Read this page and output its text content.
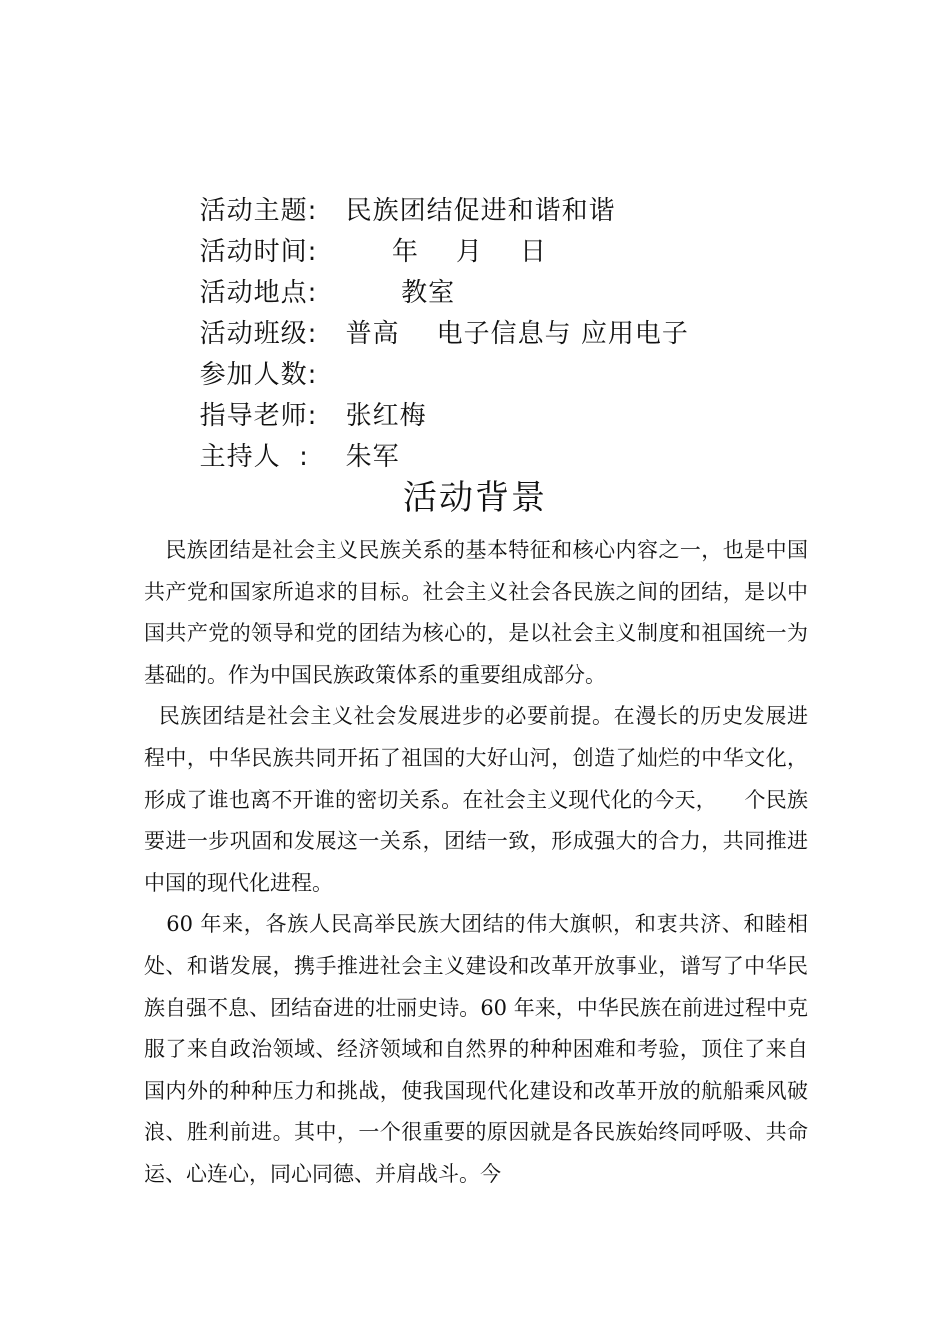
活动主题: 民族团结促进和谐和谐

活动时间:     年    月    日

活动地点:      教室

活动班级: 普高    电子信息与 应用电子

参加人数:

指导老师: 张红梅

主持人  : 朱军

活动背景

民族团结是社会主义民族关系的基本特征和核心内容之一，也是中国共产党和国家所追求的目标。社会主义社会各民族之间的团结，是以中国共产党的领导和党的团结为核心的，是以社会主义制度和祖国统一为基础的。作为中国民族政策体系的重要组成部分。

民族团结是社会主义社会发展进步的必要前提。在漫长的历史发展进程中，中华民族共同开拓了祖国的大好山河，创造了灿烂的中华文化，形成了谁也离不开谁的密切关系。在社会主义现代化的今天，    个民族要进一步巩固和发展这一关系，团结一致，形成强大的合力，共同推进中国的现代化进程。

60 年来，各族人民高举民族大团结的伟大旗帜，和衷共济、和睦相处、和谐发展，携手推进社会主义建设和改革开放事业，谱写了中华民族自强不息、团结奋进的壮丽史诗。60 年来，中华民族在前进过程中克服了来自政治领域、经济领域和自然界的种种困难和考验，顶住了来自国内外的种种压力和挑战，使我国现代化建设和改革开放的航船乘风破浪、胜利前进。其中，一个很重要的原因就是各民族始终同呼吸、共命运、心连心，同心同德、并肩战斗。今
